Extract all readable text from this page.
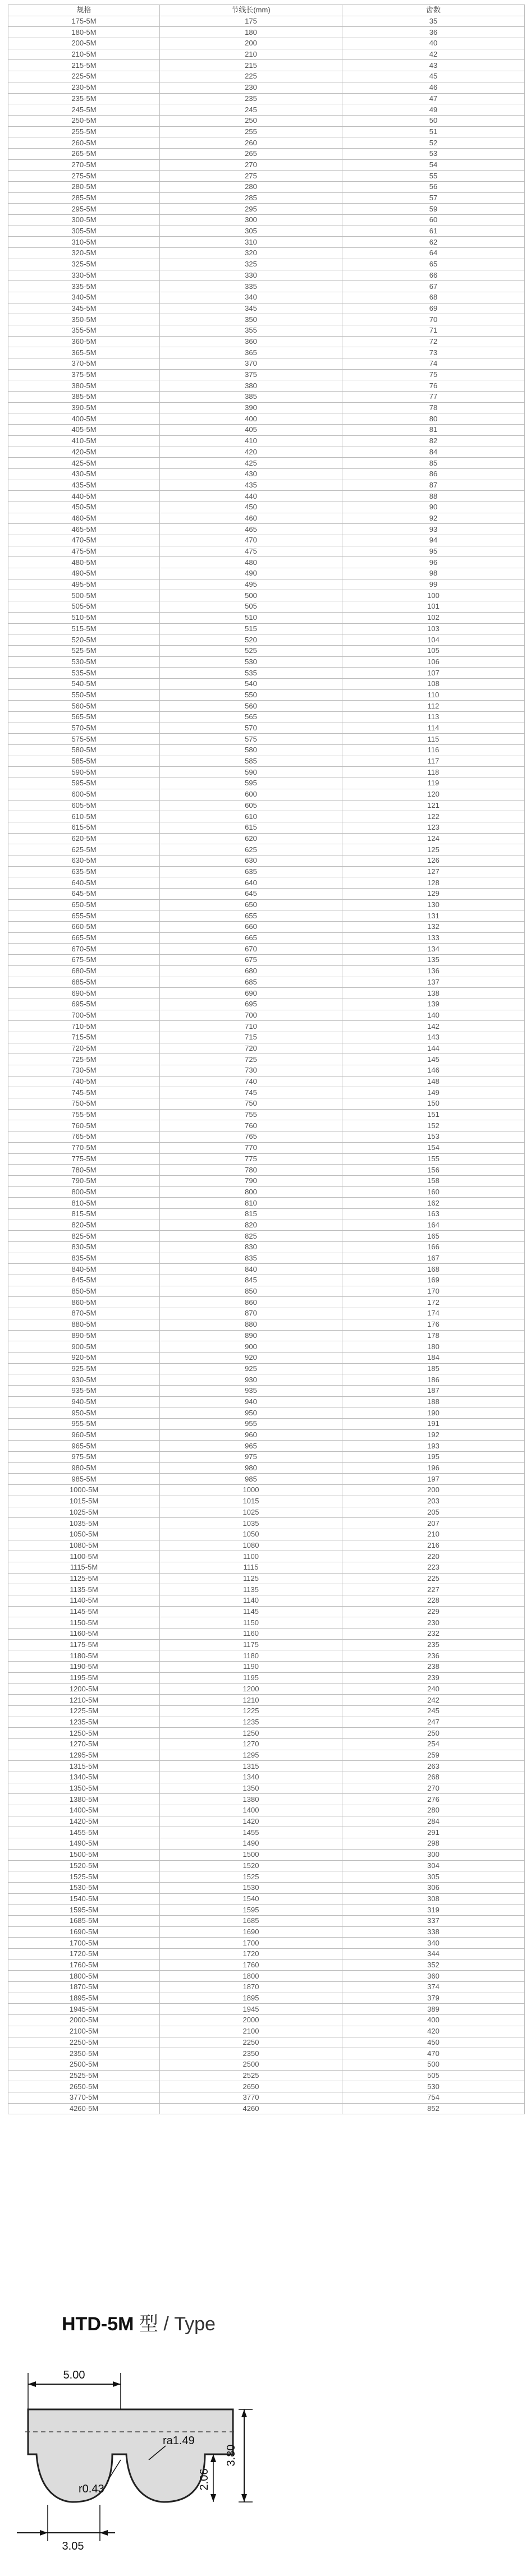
规格	节线长(mm)	齿数
175-5M	175	35
180-5M	180	36
200-5M	200	40
210-5M	210	42
215-5M	215	43
225-5M	225	45
230-5M	230	46
235-5M	235	47
245-5M	245	49
250-5M	250	50
255-5M	255	51
260-5M	260	52
265-5M	265	53
270-5M	270	54
275-5M	275	55
280-5M	280	56
285-5M	285	57
295-5M	295	59
300-5M	300	60
305-5M	305	61
310-5M	310	62
320-5M	320	64
325-5M	325	65
330-5M	330	66
335-5M	335	67
340-5M	340	68
345-5M	345	69
350-5M	350	70
355-5M	355	71
360-5M	360	72
365-5M	365	73
370-5M	370	74
375-5M	375	75
380-5M	380	76
385-5M	385	77
390-5M	390	78
400-5M	400	80
405-5M	405	81
410-5M	410	82
420-5M	420	84
425-5M	425	85
430-5M	430	86
435-5M	435	87
440-5M	440	88
450-5M	450	90
460-5M	460	92
465-5M	465	93
470-5M	470	94
475-5M	475	95
480-5M	480	96
490-5M	490	98
495-5M	495	99
500-5M	500	100
505-5M	505	101
510-5M	510	102
515-5M	515	103
520-5M	520	104
525-5M	525	105
530-5M	530	106
535-5M	535	107
540-5M	540	108
550-5M	550	110
560-5M	560	112
565-5M	565	113
570-5M	570	114
575-5M	575	115
580-5M	580	116
585-5M	585	117
590-5M	590	118
595-5M	595	119
600-5M	600	120
605-5M	605	121
610-5M	610	122
615-5M	615	123
620-5M	620	124
625-5M	625	125
630-5M	630	126
635-5M	635	127
640-5M	640	128
645-5M	645	129
650-5M	650	130
655-5M	655	131
660-5M	660	132
665-5M	665	133
670-5M	670	134
675-5M	675	135
680-5M	680	136
685-5M	685	137
690-5M	690	138
695-5M	695	139
700-5M	700	140
710-5M	710	142
715-5M	715	143
720-5M	720	144
725-5M	725	145
730-5M	730	146
740-5M	740	148
745-5M	745	149
750-5M	750	150
755-5M	755	151
760-5M	760	152
765-5M	765	153
770-5M	770	154
775-5M	775	155
780-5M	780	156
790-5M	790	158
800-5M	800	160
810-5M	810	162
815-5M	815	163
820-5M	820	164
825-5M	825	165
830-5M	830	166
835-5M	835	167
840-5M	840	168
845-5M	845	169
850-5M	850	170
860-5M	860	172
870-5M	870	174
880-5M	880	176
890-5M	890	178
900-5M	900	180
920-5M	920	184
925-5M	925	185
930-5M	930	186
935-5M	935	187
940-5M	940	188
950-5M	950	190
955-5M	955	191
960-5M	960	192
965-5M	965	193
975-5M	975	195
980-5M	980	196
985-5M	985	197
1000-5M	1000	200
1015-5M	1015	203
1025-5M	1025	205
1035-5M	1035	207
1050-5M	1050	210
1080-5M	1080	216
1100-5M	1100	220
1115-5M	1115	223
1125-5M	1125	225
1135-5M	1135	227
1140-5M	1140	228
1145-5M	1145	229
1150-5M	1150	230
1160-5M	1160	232
1175-5M	1175	235
1180-5M	1180	236
1190-5M	1190	238
1195-5M	1195	239
1200-5M	1200	240
1210-5M	1210	242
1225-5M	1225	245
1235-5M	1235	247
1250-5M	1250	250
1270-5M	1270	254
1295-5M	1295	259
1315-5M	1315	263
1340-5M	1340	268
1350-5M	1350	270
1380-5M	1380	276
1400-5M	1400	280
1420-5M	1420	284
1455-5M	1455	291
1490-5M	1490	298
1500-5M	1500	300
1520-5M	1520	304
1525-5M	1525	305
1530-5M	1530	306
1540-5M	1540	308
1595-5M	1595	319
1685-5M	1685	337
1690-5M	1690	338
1700-5M	1700	340
1720-5M	1720	344
1760-5M	1760	352
1800-5M	1800	360
1870-5M	1870	374
1895-5M	1895	379
1945-5M	1945	389
2000-5M	2000	400
2100-5M	2100	420
2250-5M	2250	450
2350-5M	2350	470
2500-5M	2500	500
2525-5M	2525	505
2650-5M	2650	530
3770-5M	3770	754
4260-5M	4260	852
HTD-5M 型 / Type
5.00
3.80
2.06
ra1.49
r0.43
3.05
